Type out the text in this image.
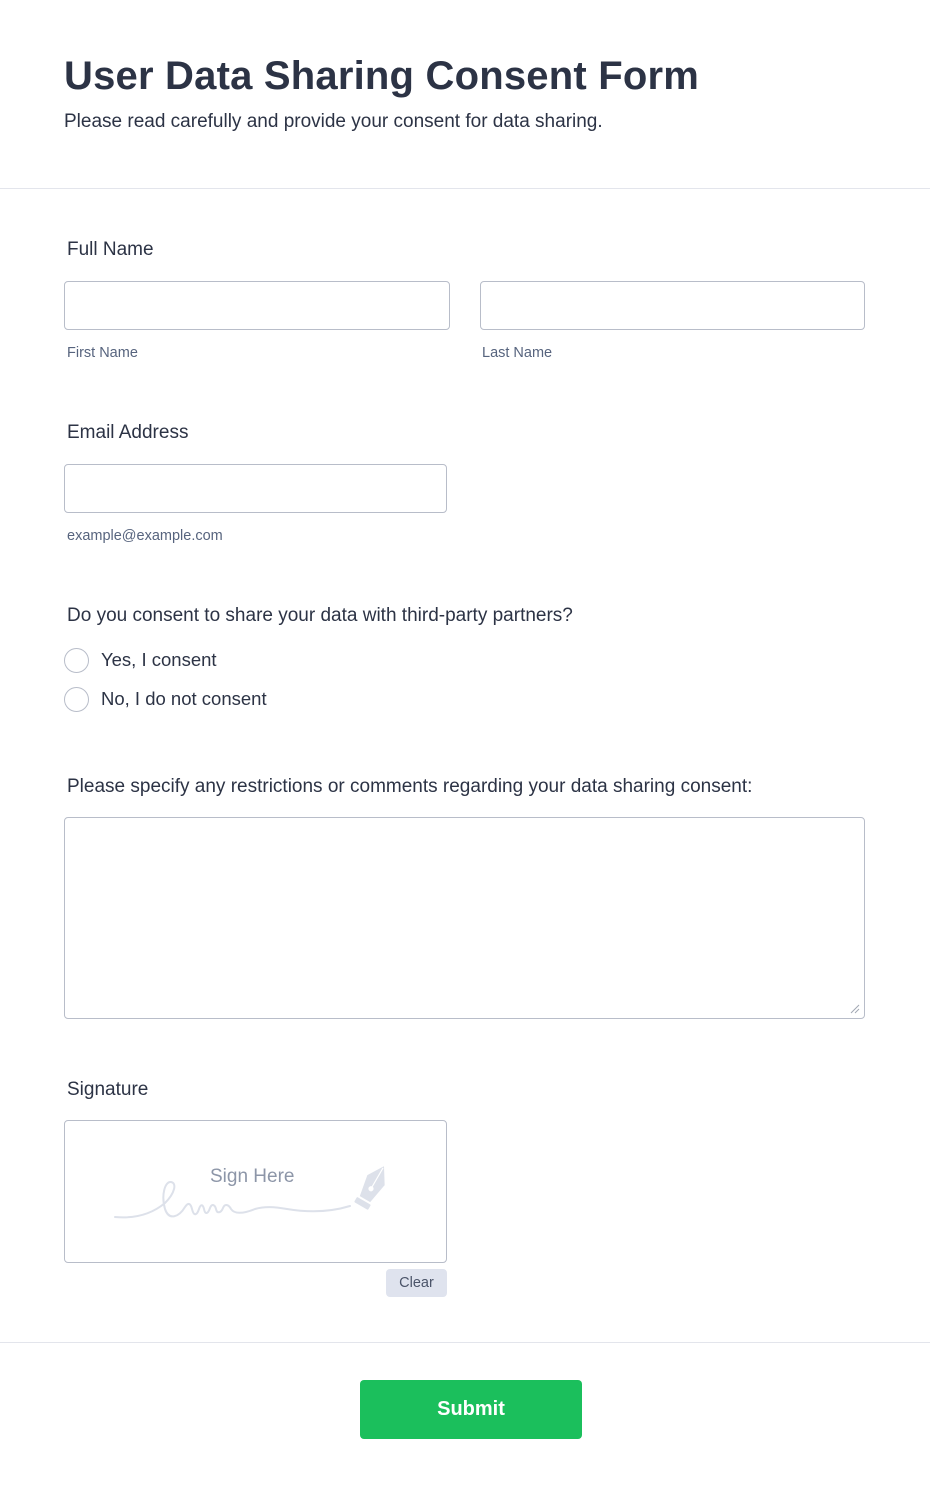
User Data Sharing Consent Form

Please read carefully and provide your consent for data sharing.

Full Name
First Name	Last Name
Email Address
example@example.com
Do you consent to share your data with third-party partners?
Yes, I consent
No, I do not consent
Please specify any restrictions or comments regarding your data sharing consent:
Signature
Sign Here
Clear
Submit
